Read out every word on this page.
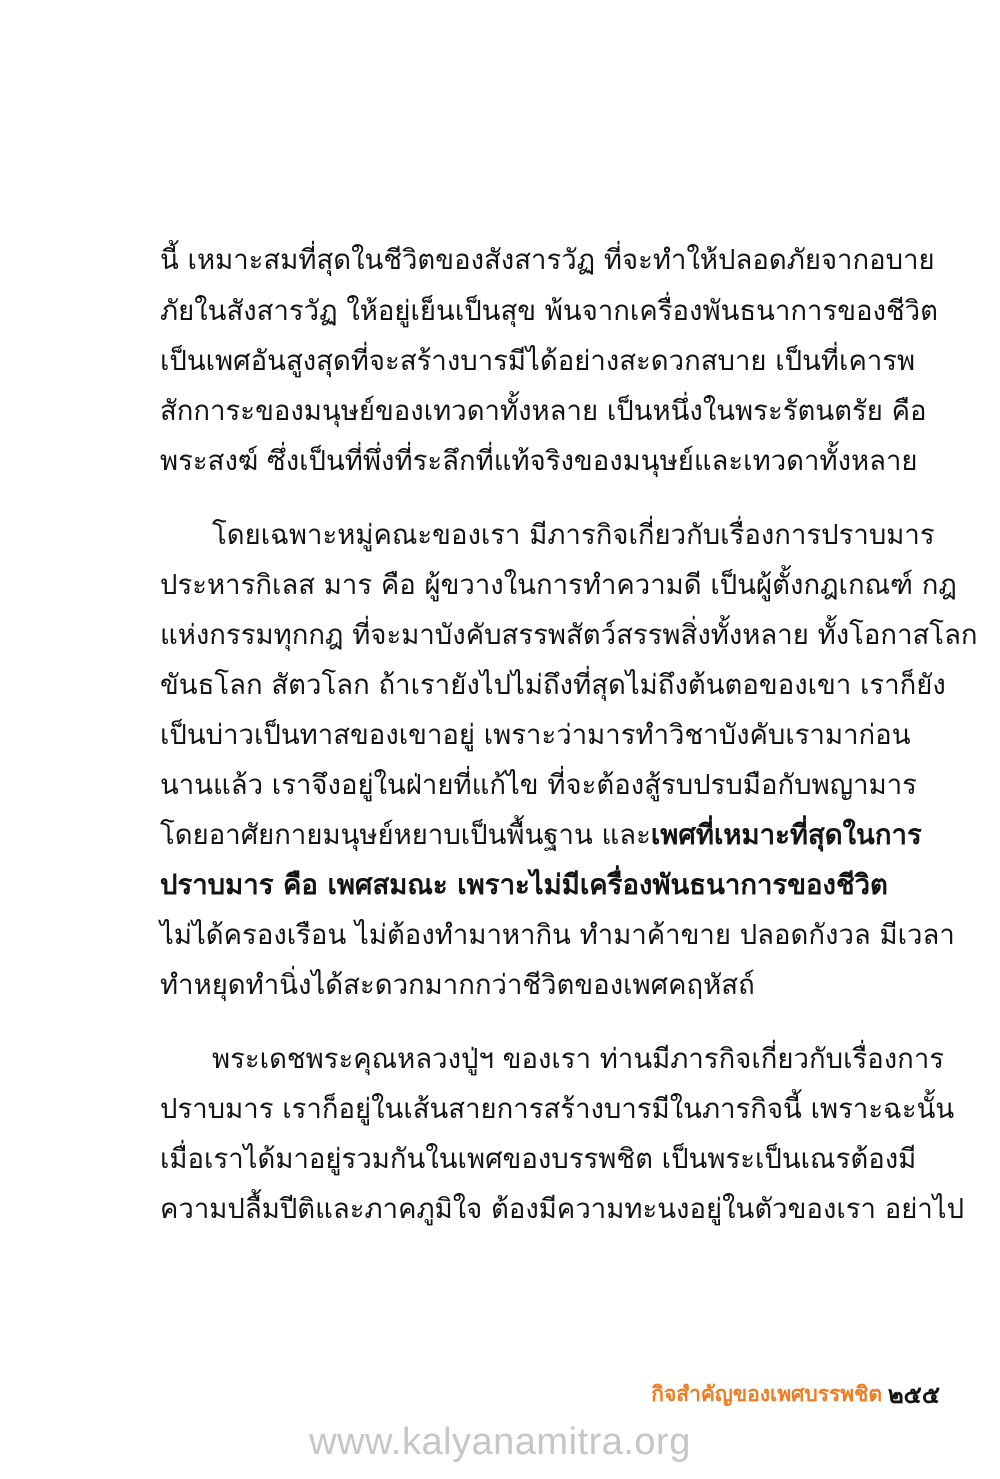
นี้ เหมาะสมที่สุดในชีวิตของสังสารวัฏ ที่จะทำให้ปลอดภัยจากอบาย
ภัยในสังสารวัฏ ให้อยู่เย็นเป็นสุข พ้นจากเครื่องพันธนาการของชีวิต
เป็นเพศอันสูงสุดที่จะสร้างบารมีได้อย่างสะดวกสบาย เป็นที่เคารพ
สักการะของมนุษย์ของเทวดาทั้งหลาย เป็นหนึ่งในพระรัตนตรัย คือ
พระสงฆ์ ซึ่งเป็นที่พึ่งที่ระลึกที่แท้จริงของมนุษย์และเทวดาทั้งหลาย
โดยเฉพาะหมู่คณะของเรา มีภารกิจเกี่ยวกับเรื่องการปราบมาร
ประหารกิเลส มาร คือ ผู้ขวางในการทำความดี เป็นผู้ตั้งกฎเกณฑ์ กฎ
แห่งกรรมทุกกฎ ที่จะมาบังคับสรรพสัตว์สรรพสิ่งทั้งหลาย ทั้งโอกาสโลก
ขันธโลก สัตวโลก ถ้าเรายังไปไม่ถึงที่สุดไม่ถึงต้นตอของเขา เราก็ยัง
เป็นบ่าวเป็นทาสของเขาอยู่ เพราะว่ามารทำวิชาบังคับเรามาก่อน
นานแล้ว เราจึงอยู่ในฝ่ายที่แก้ไข ที่จะต้องสู้รบปรบมือกับพญามาร
โดยอาศัยกายมนุษย์หยาบเป็นพื้นฐาน และเพศที่เหมาะที่สุดในการ
ปราบมาร คือ เพศสมณะ เพราะไม่มีเครื่องพันธนาการของชีวิต
ไม่ได้ครองเรือน ไม่ต้องทำมาหากิน ทำมาค้าขาย ปลอดกังวล มีเวลา
ทำหยุดทำนิ่งได้สะดวกมากกว่าชีวิตของเพศคฤหัสถ์
พระเดชพระคุณหลวงปู่ฯ ของเรา ท่านมีภารกิจเกี่ยวกับเรื่องการ
ปราบมาร เราก็อยู่ในเส้นสายการสร้างบารมีในภารกิจนี้ เพราะฉะนั้น
เมื่อเราได้มาอยู่รวมกันในเพศของบรรพชิต เป็นพระเป็นเณรต้องมี
ความปลื้มปีติและภาคภูมิใจ ต้องมีความทะนงอยู่ในตัวของเรา อย่าไป
กิจสำคัญของเพศบรรพชิต ๒๕๕
www.kalyanamitra.org
